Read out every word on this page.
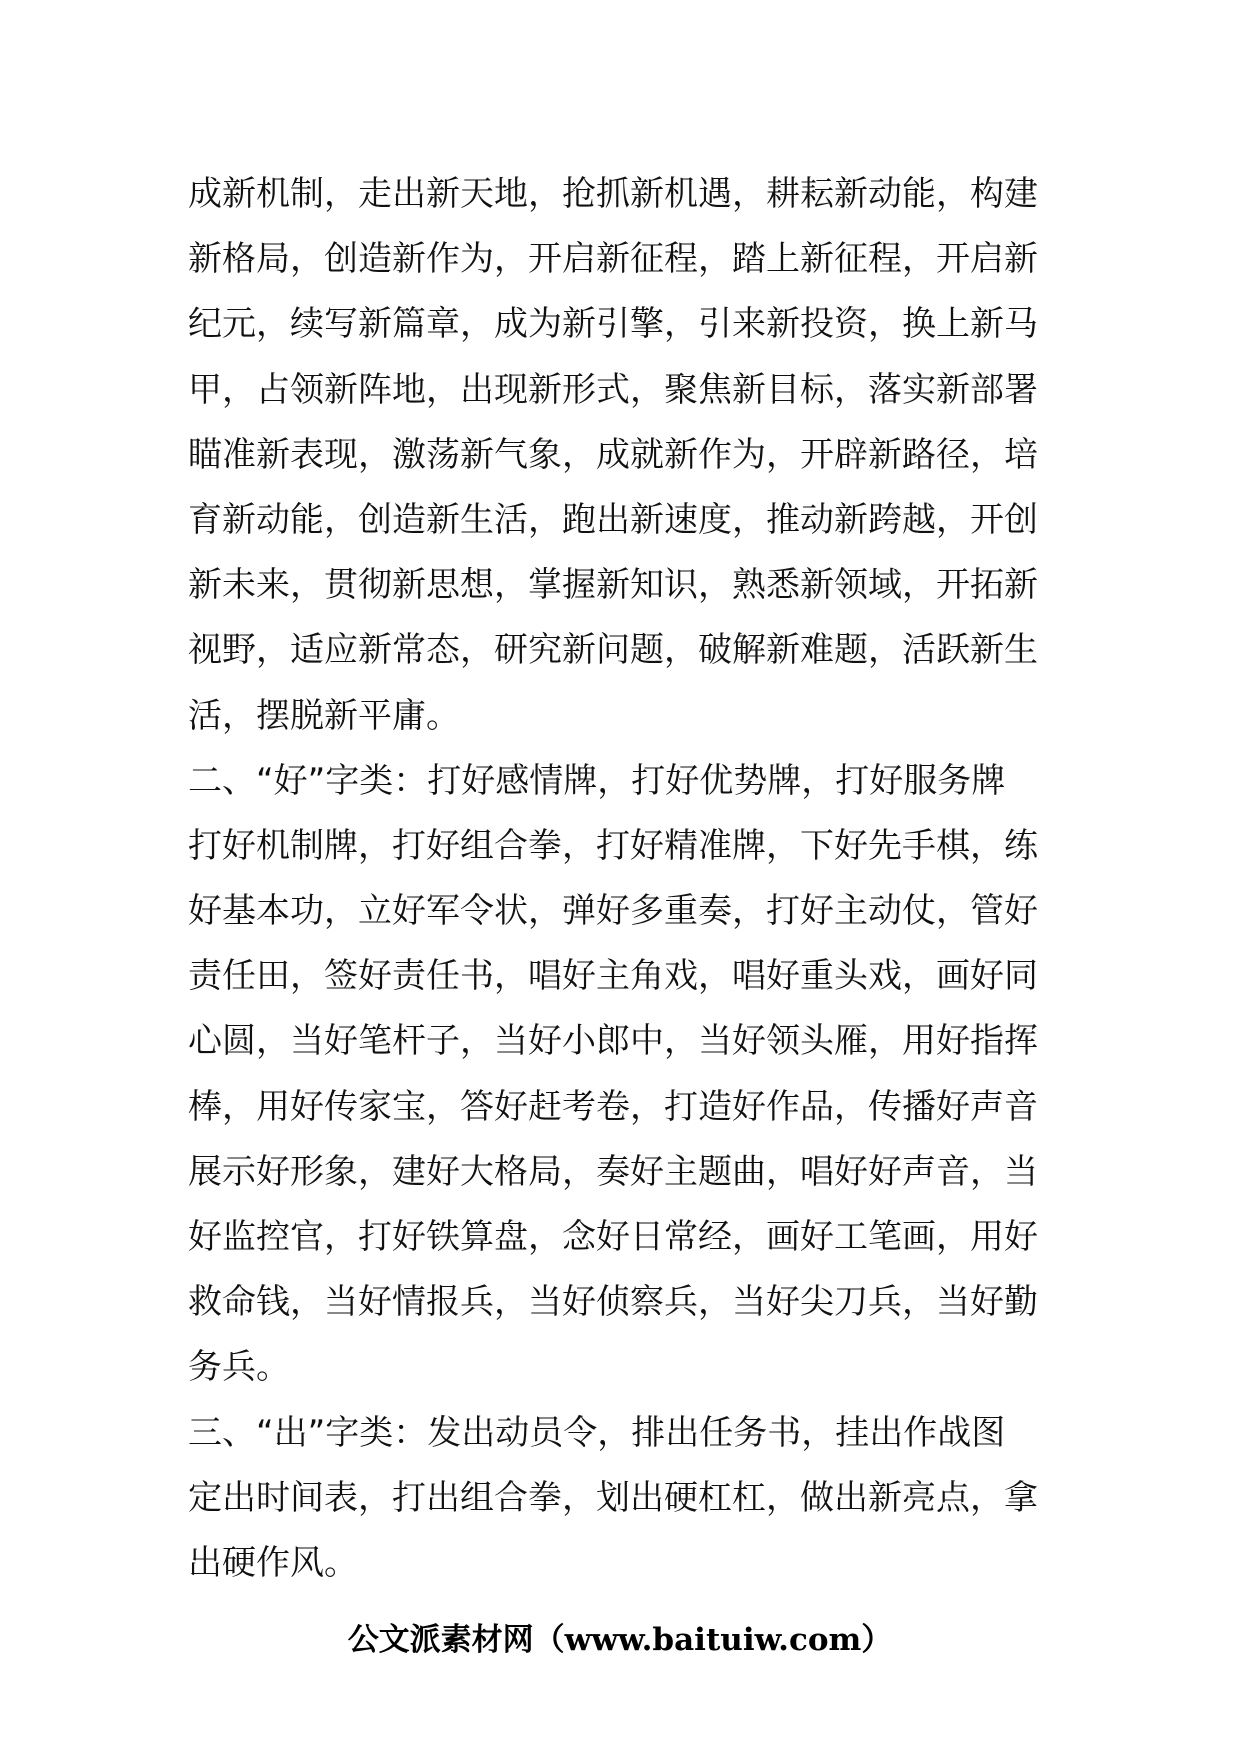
成新机制，走出新天地，抢抓新机遇，耕耘新动能，构建
新格局，创造新作为，开启新征程，踏上新征程，开启新
纪元，续写新篇章，成为新引擎，引来新投资，换上新马
甲，占领新阵地，出现新形式，聚焦新目标，落实新部署
瞄准新表现，激荡新气象，成就新作为，开辟新路径，培
育新动能，创造新生活，跑出新速度，推动新跨越，开创
新未来，贯彻新思想，掌握新知识，熟悉新领域，开拓新
视野，适应新常态，研究新问题，破解新难题，活跃新生
活，摆脱新平庸。
二、“好”字类：打好感情牌，打好优势牌，打好服务牌
打好机制牌，打好组合拳，打好精准牌，下好先手棋，练
好基本功，立好军令状，弹好多重奏，打好主动仗，管好
责任田，签好责任书，唱好主角戏，唱好重头戏，画好同
心圆，当好笔杆子，当好小郎中，当好领头雁，用好指挥
棒，用好传家宝，答好赶考卷，打造好作品，传播好声音
展示好形象，建好大格局，奏好主题曲，唱好好声音，当
好监控官，打好铁算盘，念好日常经，画好工笔画，用好
救命钱，当好情报兵，当好侦察兵，当好尖刀兵，当好勤
务兵。
三、“出”字类：发出动员令，排出任务书，挂出作战图
定出时间表，打出组合拳，划出硬杠杠，做出新亮点，拿
出硬作风。
公文派素材网（www.baituiw.com）
